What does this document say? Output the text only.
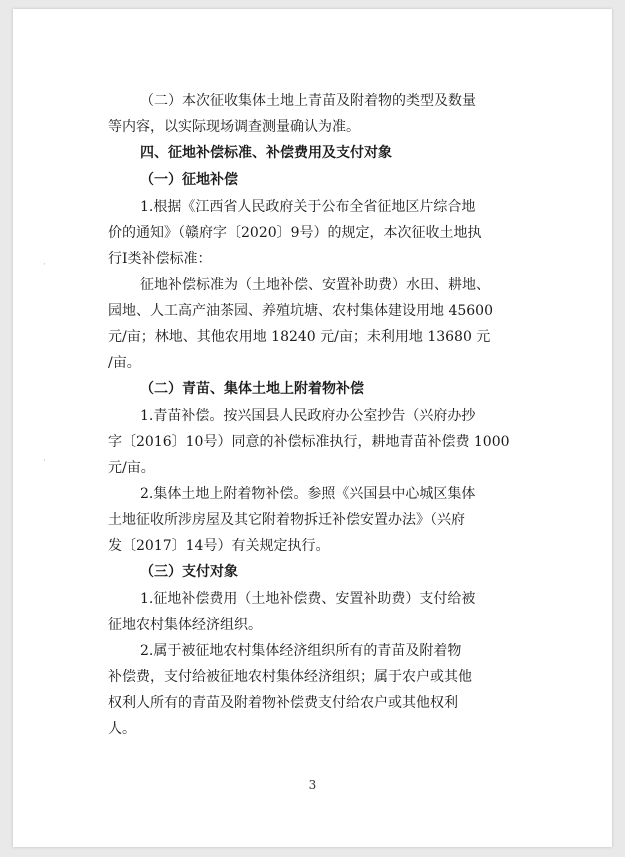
（二）本次征收集体土地上青苗及附着物的类型及数量
等内容，以实际现场调查测量确认为准。
四、征地补偿标准、补偿费用及支付对象
（一）征地补偿
1.根据《江西省人民政府关于公布全省征地区片综合地
价的通知》（赣府字〔2020〕9号）的规定，本次征收土地执
行Ⅰ类补偿标准：
征地补偿标准为（土地补偿、安置补助费）水田、耕地、
园地、人工高产油茶园、养殖坑塘、农村集体建设用地 45600
元/亩；林地、其他农用地 18240 元/亩；未利用地 13680 元
/亩。
（二）青苗、集体土地上附着物补偿
1.青苗补偿。按兴国县人民政府办公室抄告（兴府办抄
字〔2016〕10号）同意的补偿标准执行，耕地青苗补偿费 1000
元/亩。
2.集体土地上附着物补偿。参照《兴国县中心城区集体
土地征收所涉房屋及其它附着物拆迁补偿安置办法》（兴府
发〔2017〕14号）有关规定执行。
（三）支付对象
1.征地补偿费用（土地补偿费、安置补助费）支付给被
征地农村集体经济组织。
2.属于被征地农村集体经济组织所有的青苗及附着物
补偿费，支付给被征地农村集体经济组织；属于农户或其他
权利人所有的青苗及附着物补偿费支付给农户或其他权利
人。
·
·
3
